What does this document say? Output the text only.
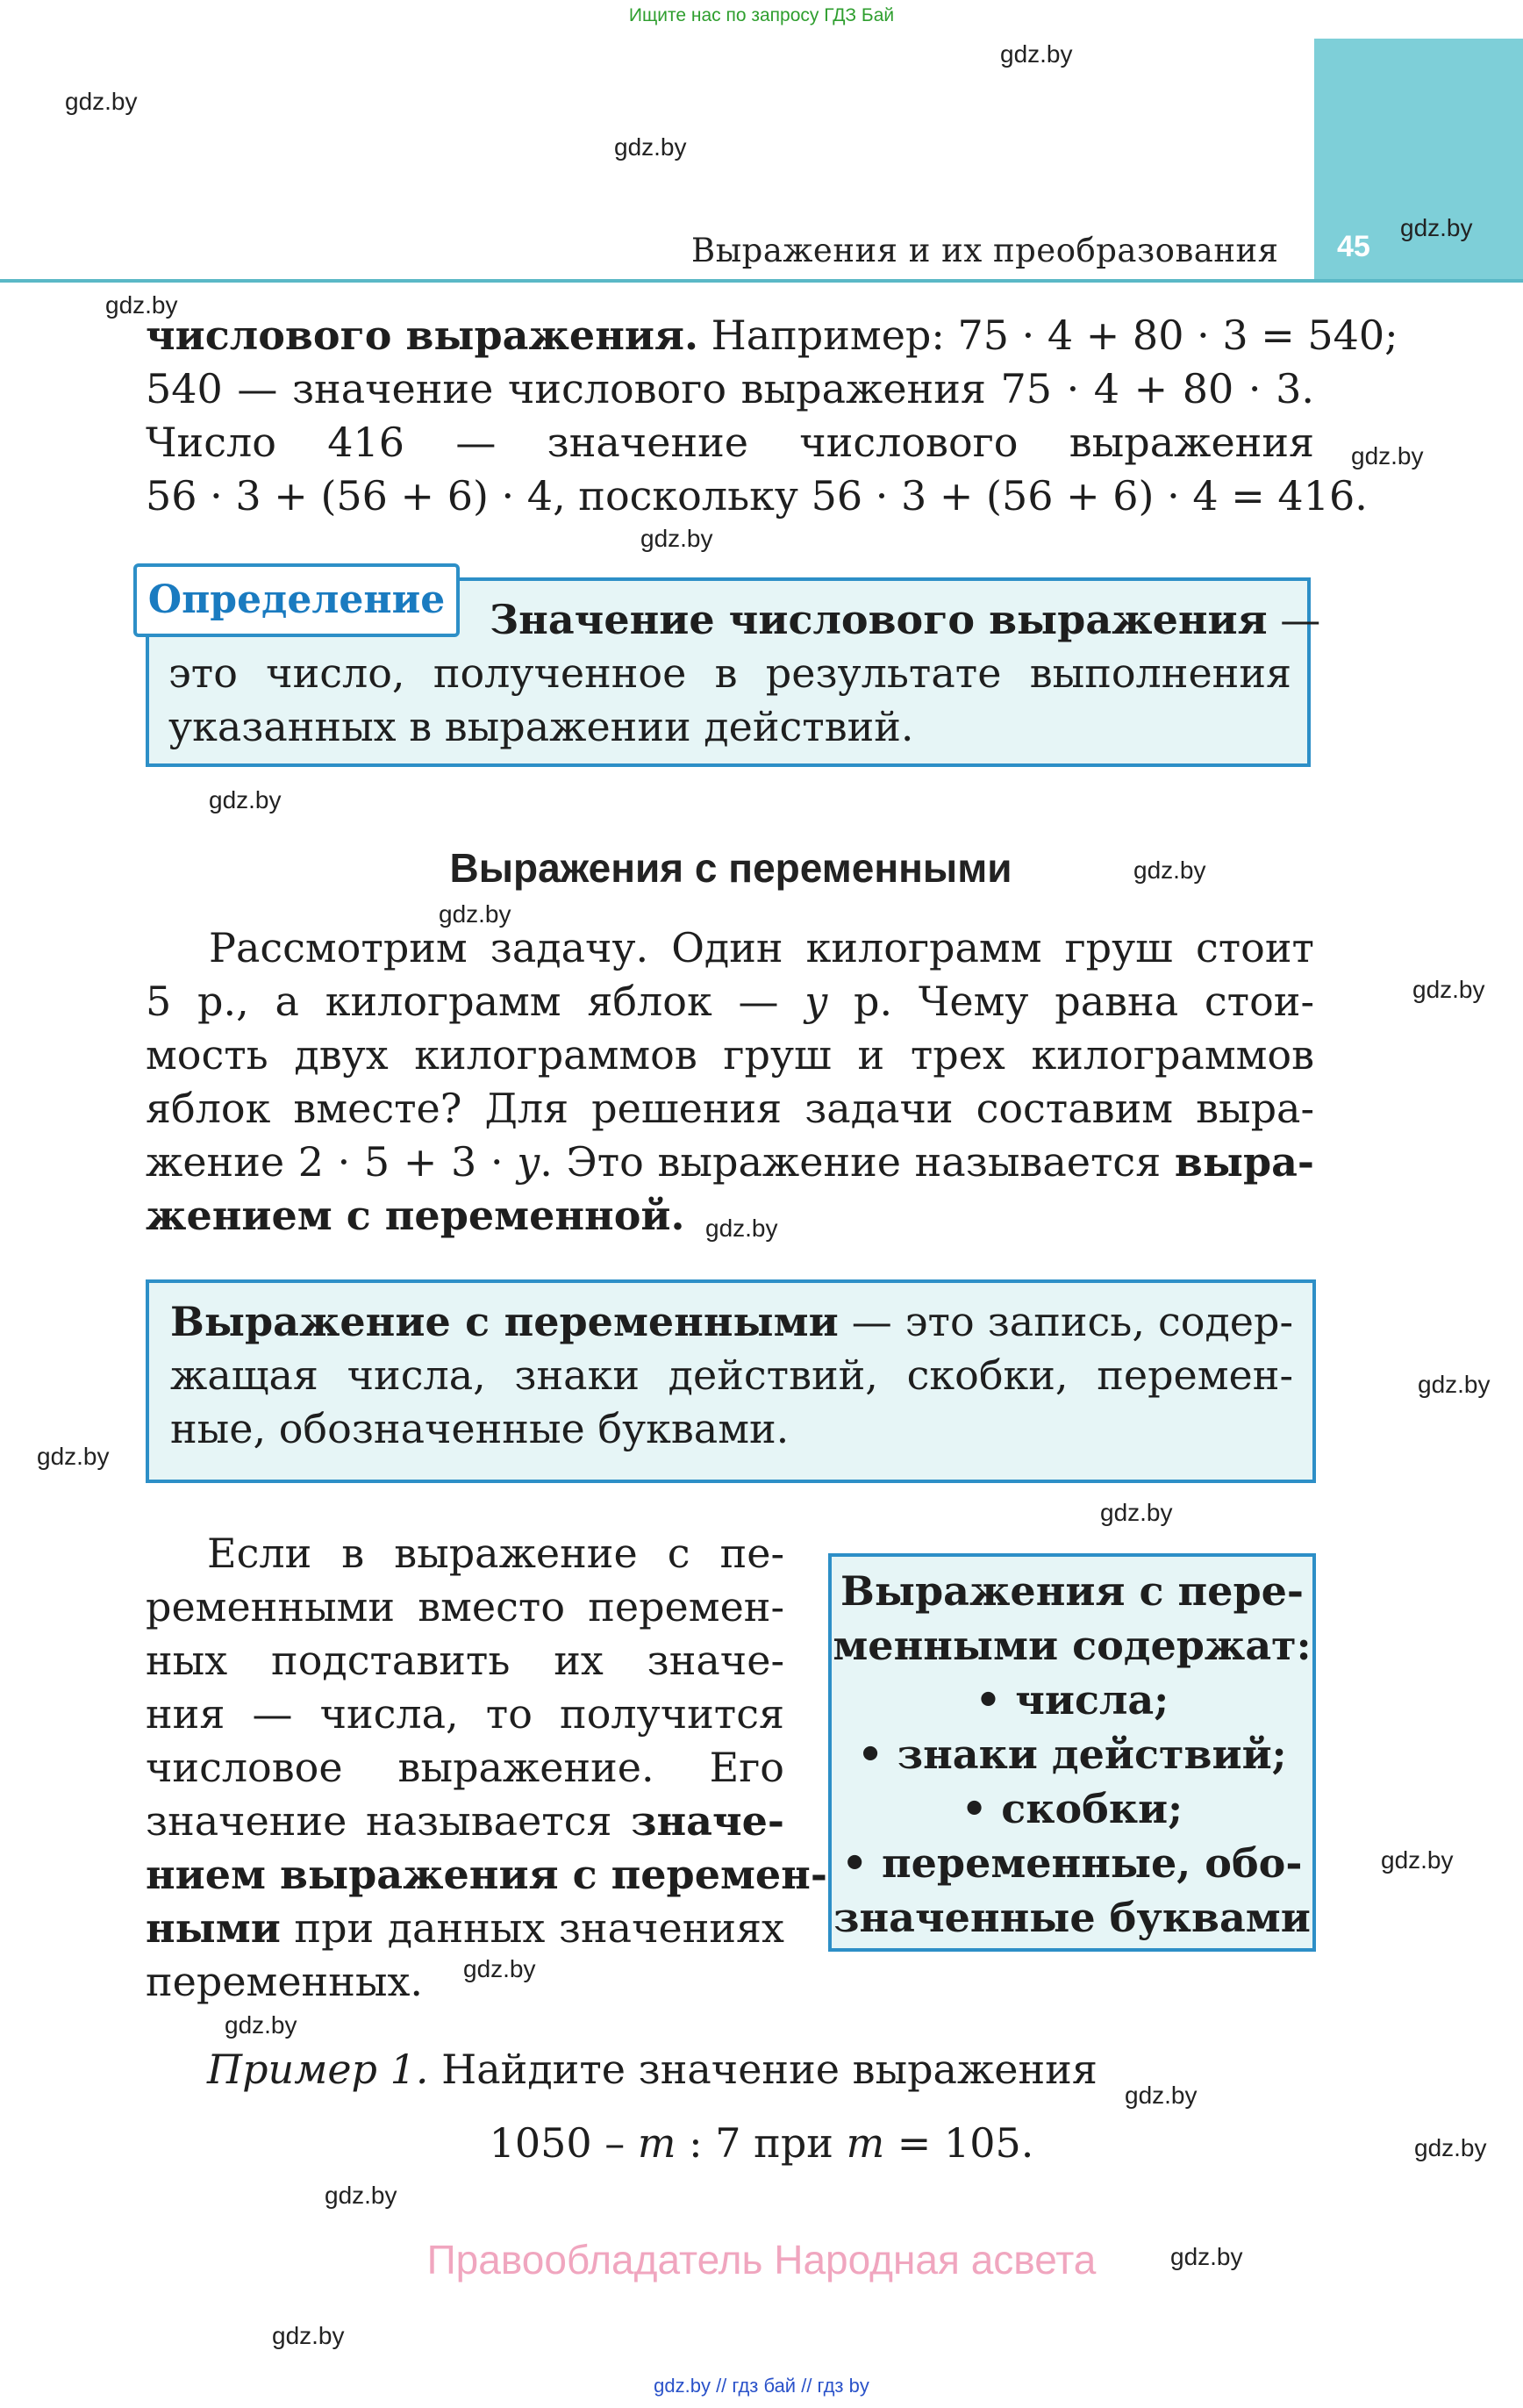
Ищите нас по запросу ГДЗ Бай
45
Выражения и их преобразования
gdz.by
gdz.by
gdz.by
gdz.by
gdz.by
gdz.by
gdz.by
gdz.by
gdz.by
gdz.by
gdz.by
gdz.by
gdz.by
gdz.by
gdz.by
gdz.by
gdz.by
gdz.by
gdz.by
gdz.by
gdz.by
gdz.by
gdz.by
числового выражения. Например: 75 · 4 + 80 · 3 = 540;
540 — значение числового выражения 75 · 4 + 80 · 3.
Число 416 — значение числового выражения
56 · 3 + (56 + 6) · 4, поскольку 56 · 3 + (56 + 6) · 4 = 416.
Определение	Значение числового выражения —
это число, полученное в результате выполнения
указанных в выражении действий.
Выражения с переменными
Рассмотрим задачу. Один килограмм груш стоит
5 р., а килограмм яблок — y р. Чему равна стои-
мость двух килограммов груш и трех килограммов
яблок вместе? Для решения задачи составим выра-
жение 2 · 5 + 3 · y. Это выражение называется выра-
жением с переменной.
Выражение с переменными — это запись, содер-
жащая числа, знаки действий, скобки, перемен-
ные, обозначенные буквами.
Если в выражение с пе-
ременными вместо перемен-
ных подставить их значе-
ния — числа, то получится
числовое выражение. Его
значение называется значе-
нием выражения с перемен-
ными при данных значениях
переменных.
Выражения с пере-
менными содержат:
• числа;
• знаки действий;
• скобки;
• переменные, обо-
значенные буквами
Пример 1. Найдите значение выражения
1050 – m : 7 при m = 105.
Правообладатель Народная асвета
gdz.by // гдз бай // гдз by
